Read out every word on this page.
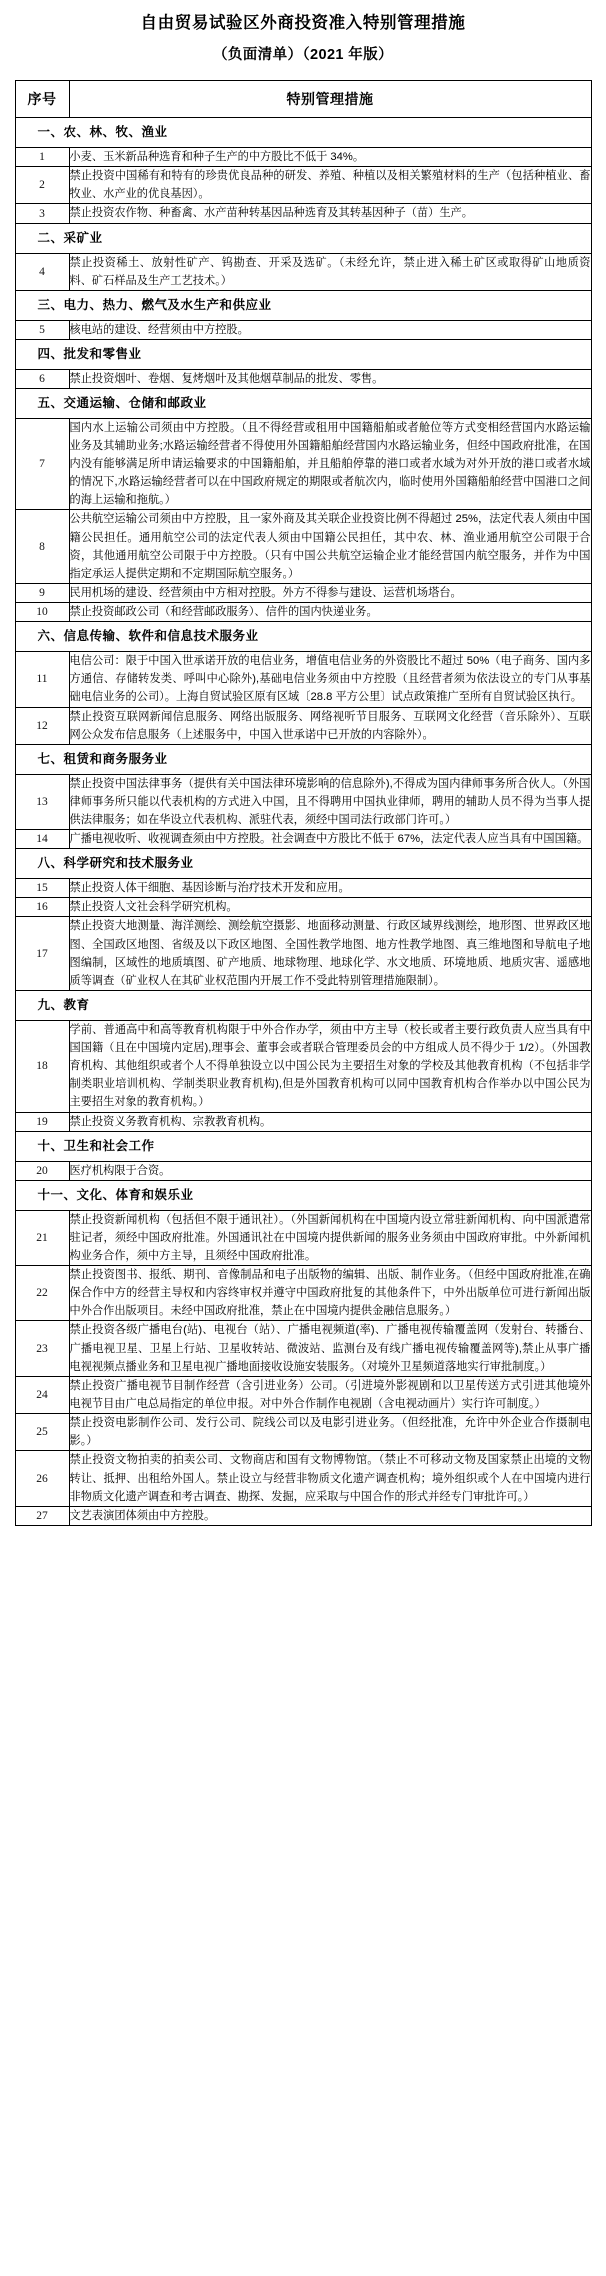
自由贸易试验区外商投资准入特别管理措施
（负面清单）（2021 年版）
序号	特别管理措施
一、农、林、牧、渔业	
1	小麦、玉米新品种选育和种子生产的中方股比不低于 34%。
2	禁止投资中国稀有和特有的珍贵优良品种的研发、养殖、种植以及相关繁殖材料的生产（包括种植业、畜牧业、水产业的优良基因）。
3	禁止投资农作物、种畜禽、水产苗种转基因品种选育及其转基因种子（苗）生产。
二、采矿业	
4	禁止投资稀土、放射性矿产、钨勘查、开采及选矿。（未经允许，禁止进入稀土矿区或取得矿山地质资料、矿石样品及生产工艺技术。）
三、电力、热力、燃气及水生产和供应业	
5	核电站的建设、经营须由中方控股。
四、批发和零售业	
6	禁止投资烟叶、卷烟、复烤烟叶及其他烟草制品的批发、零售。
五、交通运输、仓储和邮政业	
7	国内水上运输公司须由中方控股。（且不得经营或租用中国籍船舶或者舱位等方式变相经营国内水路运输业务及其辅助业务;水路运输经营者不得使用外国籍船舶经营国内水路运输业务，但经中国政府批准，在国内没有能够满足所申请运输要求的中国籍船舶，并且船舶停靠的港口或者水域为对外开放的港口或者水域的情况下,水路运输经营者可以在中国政府规定的期限或者航次内，临时使用外国籍船舶经营中国港口之间的海上运输和拖航。）
8	公共航空运输公司须由中方控股，且一家外商及其关联企业投资比例不得超过 25%，法定代表人须由中国籍公民担任。通用航空公司的法定代表人须由中国籍公民担任，其中农、林、渔业通用航空公司限于合资，其他通用航空公司限于中方控股。（只有中国公共航空运输企业才能经营国内航空服务，并作为中国指定承运人提供定期和不定期国际航空服务。）
9	民用机场的建设、经营须由中方相对控股。外方不得参与建设、运营机场塔台。
10	禁止投资邮政公司（和经营邮政服务）、信件的国内快递业务。
六、信息传输、软件和信息技术服务业	
11	电信公司：限于中国入世承诺开放的电信业务，增值电信业务的外资股比不超过 50%（电子商务、国内多方通信、存储转发类、呼叫中心除外),基础电信业务须由中方控股（且经营者须为依法设立的专门从事基础电信业务的公司）。上海自贸试验区原有区域〔28.8 平方公里〕试点政策推广至所有自贸试验区执行。
12	禁止投资互联网新闻信息服务、网络出版服务、网络视听节目服务、互联网文化经营（音乐除外）、互联网公众发布信息服务（上述服务中，中国入世承诺中已开放的内容除外）。
七、租赁和商务服务业	
13	禁止投资中国法律事务（提供有关中国法律环境影响的信息除外),不得成为国内律师事务所合伙人。（外国律师事务所只能以代表机构的方式进入中国，且不得聘用中国执业律师，聘用的辅助人员不得为当事人提供法律服务；如在华设立代表机构、派驻代表，须经中国司法行政部门许可。）
14	广播电视收听、收视调查须由中方控股。社会调查中方股比不低于 67%，法定代表人应当具有中国国籍。
八、科学研究和技术服务业	
15	禁止投资人体干细胞、基因诊断与治疗技术开发和应用。
16	禁止投资人文社会科学研究机构。
17	禁止投资大地测量、海洋测绘、测绘航空摄影、地面移动测量、行政区域界线测绘，地形图、世界政区地图、全国政区地图、省级及以下政区地图、全国性教学地图、地方性教学地图、真三维地图和导航电子地图编制，区域性的地质填图、矿产地质、地球物理、地球化学、水文地质、环境地质、地质灾害、遥感地质等调查（矿业权人在其矿业权范围内开展工作不受此特别管理措施限制）。
九、教育	
18	学前、普通高中和高等教育机构限于中外合作办学，须由中方主导（校长或者主要行政负责人应当具有中国国籍（且在中国境内定居),理事会、董事会或者联合管理委员会的中方组成人员不得少于 1/2）。（外国教育机构、其他组织或者个人不得单独设立以中国公民为主要招生对象的学校及其他教育机构（不包括非学制类职业培训机构、学制类职业教育机构),但是外国教育机构可以同中国教育机构合作举办以中国公民为主要招生对象的教育机构。）
19	禁止投资义务教育机构、宗教教育机构。
十、卫生和社会工作	
20	医疗机构限于合资。
十一、文化、体育和娱乐业	
21	禁止投资新闻机构（包括但不限于通讯社）。（外国新闻机构在中国境内设立常驻新闻机构、向中国派遣常驻记者，须经中国政府批准。外国通讯社在中国境内提供新闻的服务业务须由中国政府审批。中外新闻机构业务合作，须中方主导，且须经中国政府批准。
22	禁止投资图书、报纸、期刊、音像制品和电子出版物的编辑、出版、制作业务。（但经中国政府批准,在确保合作中方的经营主导权和内容终审权并遵守中国政府批复的其他条件下，中外出版单位可进行新闻出版中外合作出版项目。未经中国政府批准，禁止在中国境内提供金融信息服务。）
23	禁止投资各级广播电台(站)、电视台（站）、广播电视频道(率)、广播电视传输覆盖网（发射台、转播台、广播电视卫星、卫星上行站、卫星收转站、微波站、监测台及有线广播电视传输覆盖网等),禁止从事广播电视视频点播业务和卫星电视广播地面接收设施安装服务。（对境外卫星频道落地实行审批制度。）
24	禁止投资广播电视节目制作经营（含引进业务）公司。（引进境外影视剧和以卫星传送方式引进其他境外电视节目由广电总局指定的单位申报。对中外合作制作电视剧（含电视动画片）实行许可制度。）
25	禁止投资电影制作公司、发行公司、院线公司以及电影引进业务。（但经批准，允许中外企业合作摄制电影。）
26	禁止投资文物拍卖的拍卖公司、文物商店和国有文物博物馆。（禁止不可移动文物及国家禁止出境的文物转让、抵押、出租给外国人。禁止设立与经营非物质文化遗产调查机构；境外组织或个人在中国境内进行非物质文化遗产调查和考古调查、勘探、发掘，应采取与中国合作的形式并经专门审批许可。）
27	文艺表演团体须由中方控股。
